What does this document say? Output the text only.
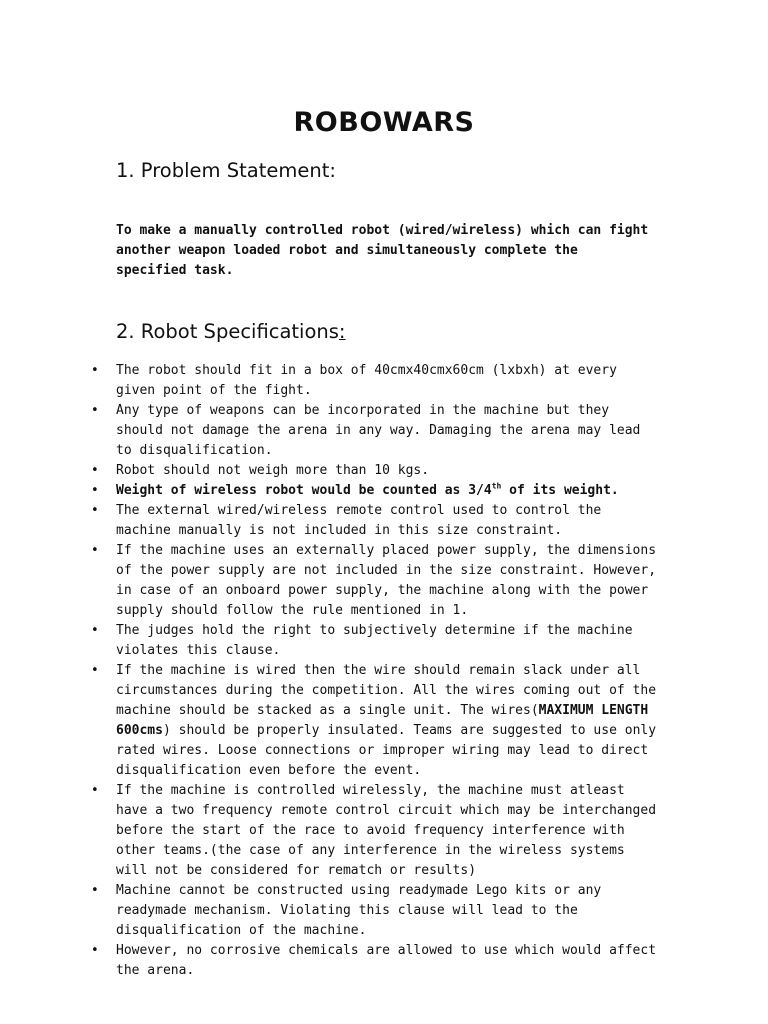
ROBOWARS
1. Problem Statement:

To make a manually controlled robot (wired/wireless) which can fight
another weapon loaded robot and simultaneously complete the
specified task.

2. Robot Specifications:
• The robot should fit in a box of 40cmx40cmx60cm (lxbxh) at every
given point of the fight.
• Any type of weapons can be incorporated in the machine but they
should not damage the arena in any way. Damaging the arena may lead
to disqualification.
• Robot should not weigh more than 10 kgs.
• Weight of wireless robot would be counted as 3/4th of its weight.
• The external wired/wireless remote control used to control the
machine manually is not included in this size constraint.
• If the machine uses an externally placed power supply, the dimensions
of the power supply are not included in the size constraint. However,
in case of an onboard power supply, the machine along with the power
supply should follow the rule mentioned in 1.
• The judges hold the right to subjectively determine if the machine
violates this clause.
• If the machine is wired then the wire should remain slack under all
circumstances during the competition. All the wires coming out of the
machine should be stacked as a single unit. The wires(MAXIMUM LENGTH
600cms) should be properly insulated. Teams are suggested to use only
rated wires. Loose connections or improper wiring may lead to direct
disqualification even before the event.
• If the machine is controlled wirelessly, the machine must atleast
have a two frequency remote control circuit which may be interchanged
before the start of the race to avoid frequency interference with
other teams.(the case of any interference in the wireless systems
will not be considered for rematch or results)
• Machine cannot be constructed using readymade Lego kits or any
readymade mechanism. Violating this clause will lead to the
disqualification of the machine.
• However, no corrosive chemicals are allowed to use which would affect
the arena.
